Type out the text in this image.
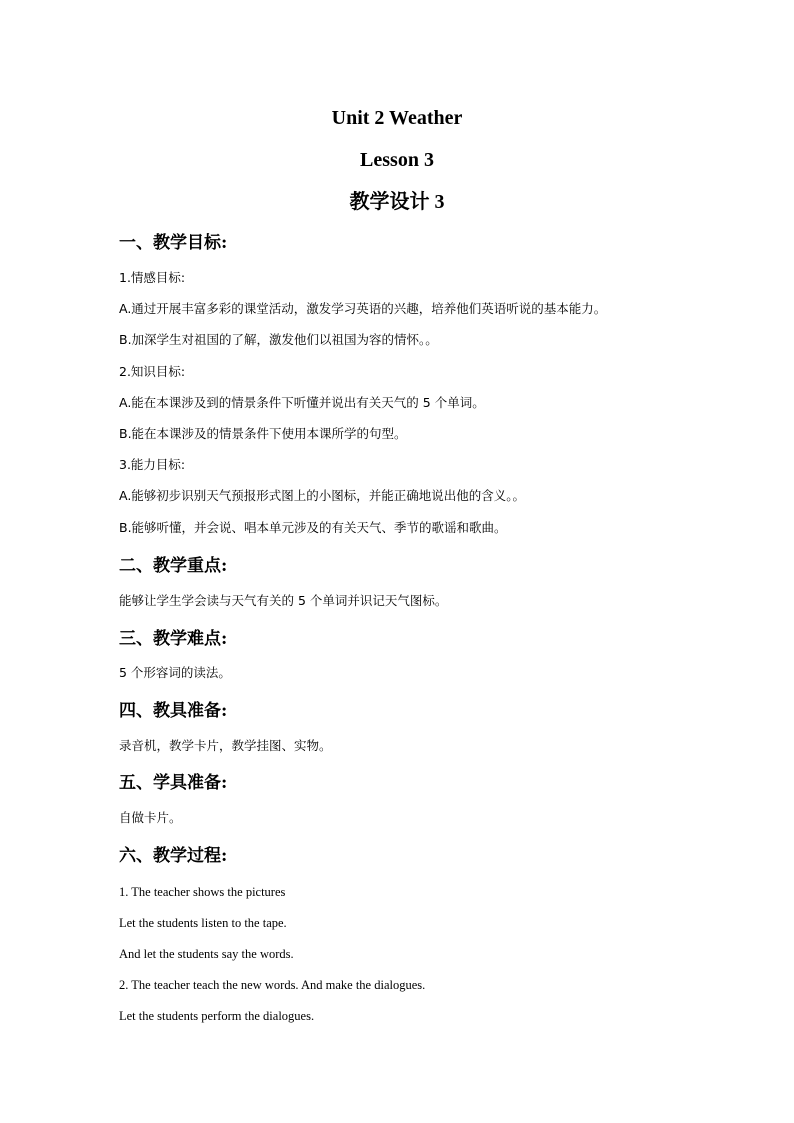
Unit 2 Weather
Lesson 3
教学设计 3
一、教学目标:
1.情感目标:
A.通过开展丰富多彩的课堂活动，激发学习英语的兴趣，培养他们英语听说的基本能力。
B.加深学生对祖国的了解，激发他们以祖国为容的情怀。。
2.知识目标:
A.能在本课涉及到的情景条件下听懂并说出有关天气的 5 个单词。
B.能在本课涉及的情景条件下使用本课所学的句型。
3.能力目标:
A.能够初步识别天气预报形式图上的小图标，并能正确地说出他的含义。。
B.能够听懂，并会说、唱本单元涉及的有关天气、季节的歌谣和歌曲。
二、教学重点:
能够让学生学会读与天气有关的 5 个单词并识记天气图标。
三、教学难点:
5 个形容词的读法。
四、教具准备:
录音机，教学卡片，教学挂图、实物。
五、学具准备:
自做卡片。
六、教学过程:
1. The teacher shows the pictures
Let the students listen to the tape.
And let the students say the words.
2. The teacher teach the new words. And make the dialogues.
Let the students perform the dialogues.
